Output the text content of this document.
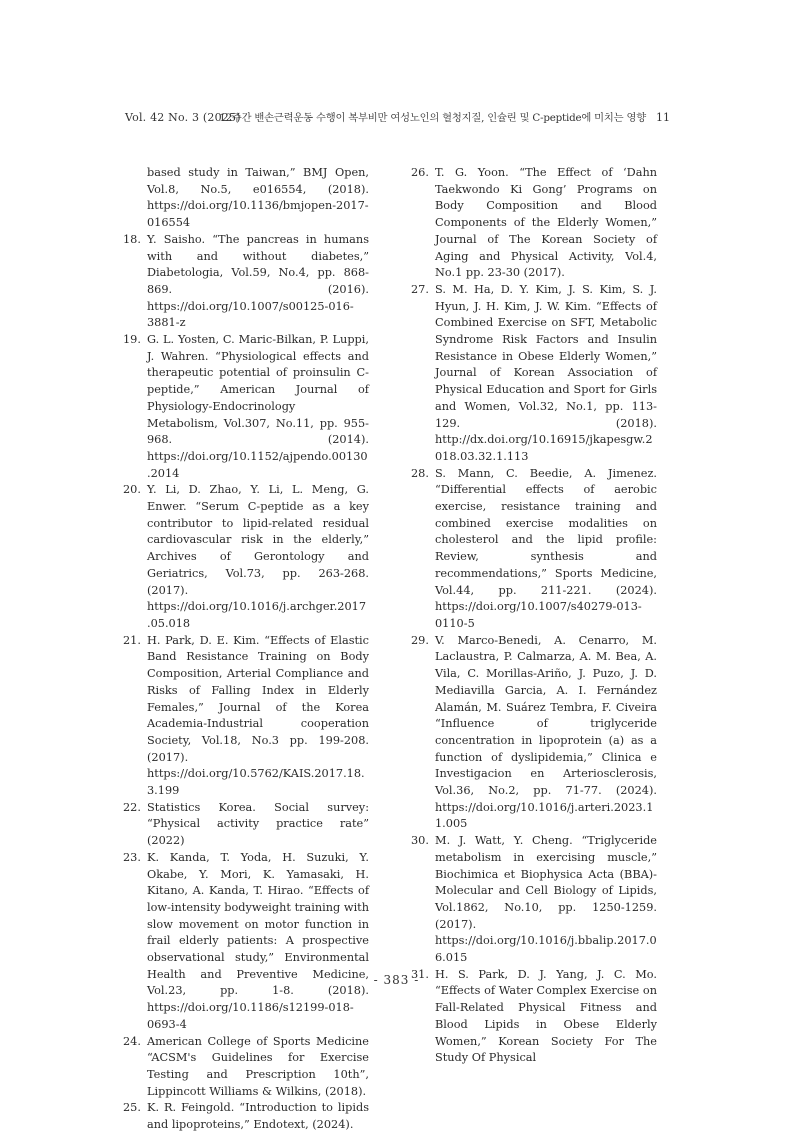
Vol. 42 No. 3 (2025)
12주간 밴손근력운동 수행이 복부비만 여성노인의 혈청지질, 인슐린 및 C-peptide에 미치는 영향 11
based study in Taiwan,” BMJ Open, Vol.8, No.5, e016554, (2018). https://doi.org/10.1136/bmjopen-2017-016554
18. Y. Saisho. “The pancreas in humans with and without diabetes,” Diabetologia, Vol.59, No.4, pp. 868-869. (2016). https://doi.org/10.1007/s00125-016-3881-z
19. G. L. Yosten, C. Maric-Bilkan, P. Luppi, J. Wahren. “Physiological effects and therapeutic potential of proinsulin C-peptide,” American Journal of Physiology-Endocrinology Metabolism, Vol.307, No.11, pp. 955-968. (2014). https://doi.org/10.1152/ajpendo.00130.2014
20. Y. Li, D. Zhao, Y. Li, L. Meng, G. Enwer. “Serum C-peptide as a key contributor to lipid-related residual cardiovascular risk in the elderly,” Archives of Gerontology and Geriatrics, Vol.73, pp. 263-268. (2017). https://doi.org/10.1016/j.archger.2017.05.018
21. H. Park, D. E. Kim. “Effects of Elastic Band Resistance Training on Body Composition, Arterial Compliance and Risks of Falling Index in Elderly Females,” Journal of the Korea Academia-Industrial cooperation Society, Vol.18, No.3 pp. 199-208. (2017). https://doi.org/10.5762/KAIS.2017.18.3.199
22. Statistics Korea. Social survey: “Physical activity practice rate” (2022)
23. K. Kanda, T. Yoda, H. Suzuki, Y. Okabe, Y. Mori, K. Yamasaki, H. Kitano, A. Kanda, T. Hirao. “Effects of low-intensity bodyweight training with slow movement on motor function in frail elderly patients: A prospective observational study,” Environmental Health and Preventive Medicine, Vol.23, pp. 1-8. (2018). https://doi.org/10.1186/s12199-018-0693-4
24. American College of Sports Medicine “ACSM's Guidelines for Exercise Testing and Prescription 10th”, Lippincott Williams & Wilkins, (2018).
25. K. R. Feingold. “Introduction to lipids and lipoproteins,” Endotext, (2024).
26. T. G. Yoon. “The Effect of ‘Dahn Taekwondo Ki Gong’ Programs on Body Composition and Blood Components of the Elderly Women,” Journal of The Korean Society of Aging and Physical Activity, Vol.4, No.1 pp. 23-30 (2017).
27. S. M. Ha, D. Y. Kim, J. S. Kim, S. J. Hyun, J. H. Kim, J. W. Kim. “Effects of Combined Exercise on SFT, Metabolic Syndrome Risk Factors and Insulin Resistance in Obese Elderly Women,” Journal of Korean Association of Physical Education and Sport for Girls and Women, Vol.32, No.1, pp. 113-129. (2018). http://dx.doi.org/10.16915/jkapesgw.2018.03.32.1.113
28. S. Mann, C. Beedie, A. Jimenez. “Differential effects of aerobic exercise, resistance training and combined exercise modalities on cholesterol and the lipid profile: Review, synthesis and recommendations,” Sports Medicine, Vol.44, pp. 211-221. (2024). https://doi.org/10.1007/s40279-013-0110-5
29. V. Marco-Benedi, A. Cenarro, M. Laclaustra, P. Calmarza, A. M. Bea, A. Vila, C. Morillas-Ariño, J. Puzo, J. D. Mediavilla Garcia, A. I. Fernández Alamán, M. Suárez Tembra, F. Civeira “Influence of triglyceride concentration in lipoprotein (a) as a function of dyslipidemia,” Clinica e Investigacion en Arteriosclerosis, Vol.36, No.2, pp. 71-77. (2024). https://doi.org/10.1016/j.arteri.2023.11.005
30. M. J. Watt, Y. Cheng. “Triglyceride metabolism in exercising muscle,” Biochimica et Biophysica Acta (BBA)-Molecular and Cell Biology of Lipids, Vol.1862, No.10, pp. 1250-1259. (2017). https://doi.org/10.1016/j.bbalip.2017.06.015
31. H. S. Park, D. J. Yang, J. C. Mo. “Effects of Water Complex Exercise on Fall-Related Physical Fitness and Blood Lipids in Obese Elderly Women,” Korean Society For The Study Of Physical
- 383 -
